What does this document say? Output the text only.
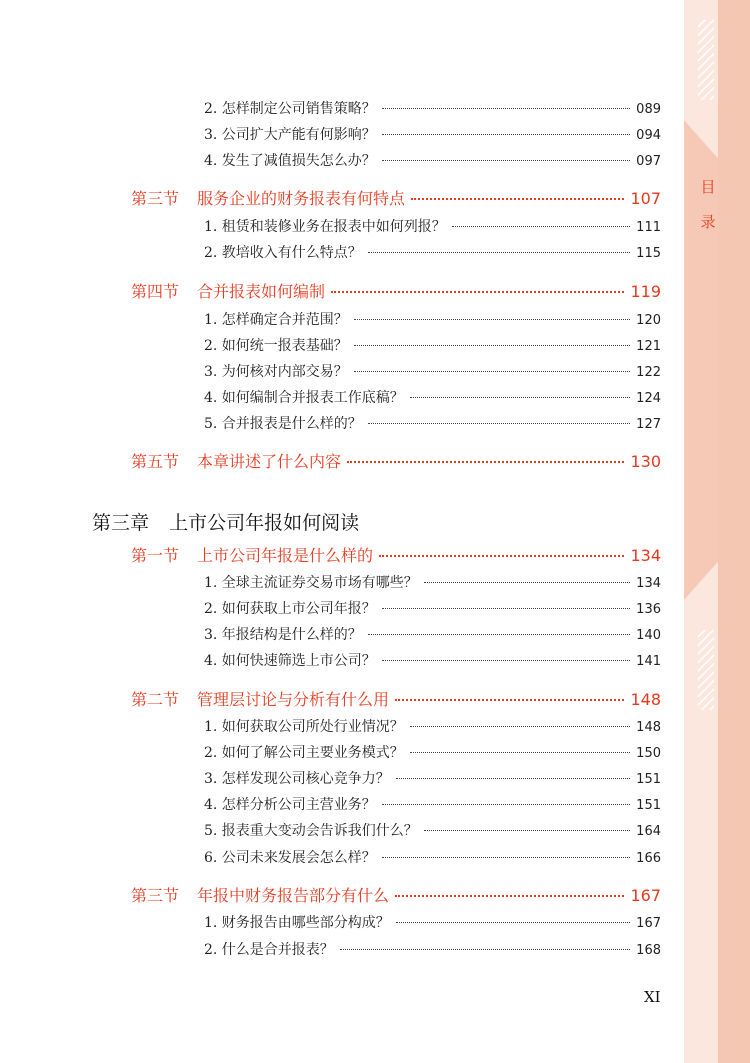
目
录
2. 怎样制定公司销售策略？	089
3. 公司扩大产能有何影响？	094
4. 发生了减值损失怎么办？	097
第三节	服务企业的财务报表有何特点	107
1. 租赁和装修业务在报表中如何列报？	111
2. 教培收入有什么特点？	115
第四节	合并报表如何编制	119
1. 怎样确定合并范围？	120
2. 如何统一报表基础？	121
3. 为何核对内部交易？	122
4. 如何编制合并报表工作底稿？	124
5. 合并报表是什么样的？	127
第五节	本章讲述了什么内容	130
第三章 上市公司年报如何阅读
第一节	上市公司年报是什么样的	134
1. 全球主流证券交易市场有哪些？	134
2. 如何获取上市公司年报？	136
3. 年报结构是什么样的？	140
4. 如何快速筛选上市公司？	141
第二节	管理层讨论与分析有什么用	148
1. 如何获取公司所处行业情况？	148
2. 如何了解公司主要业务模式？	150
3. 怎样发现公司核心竞争力？	151
4. 怎样分析公司主营业务？	151
5. 报表重大变动会告诉我们什么？	164
6. 公司未来发展会怎么样？	166
第三节	年报中财务报告部分有什么	167
1. 财务报告由哪些部分构成？	167
2. 什么是合并报表？	168
XI
